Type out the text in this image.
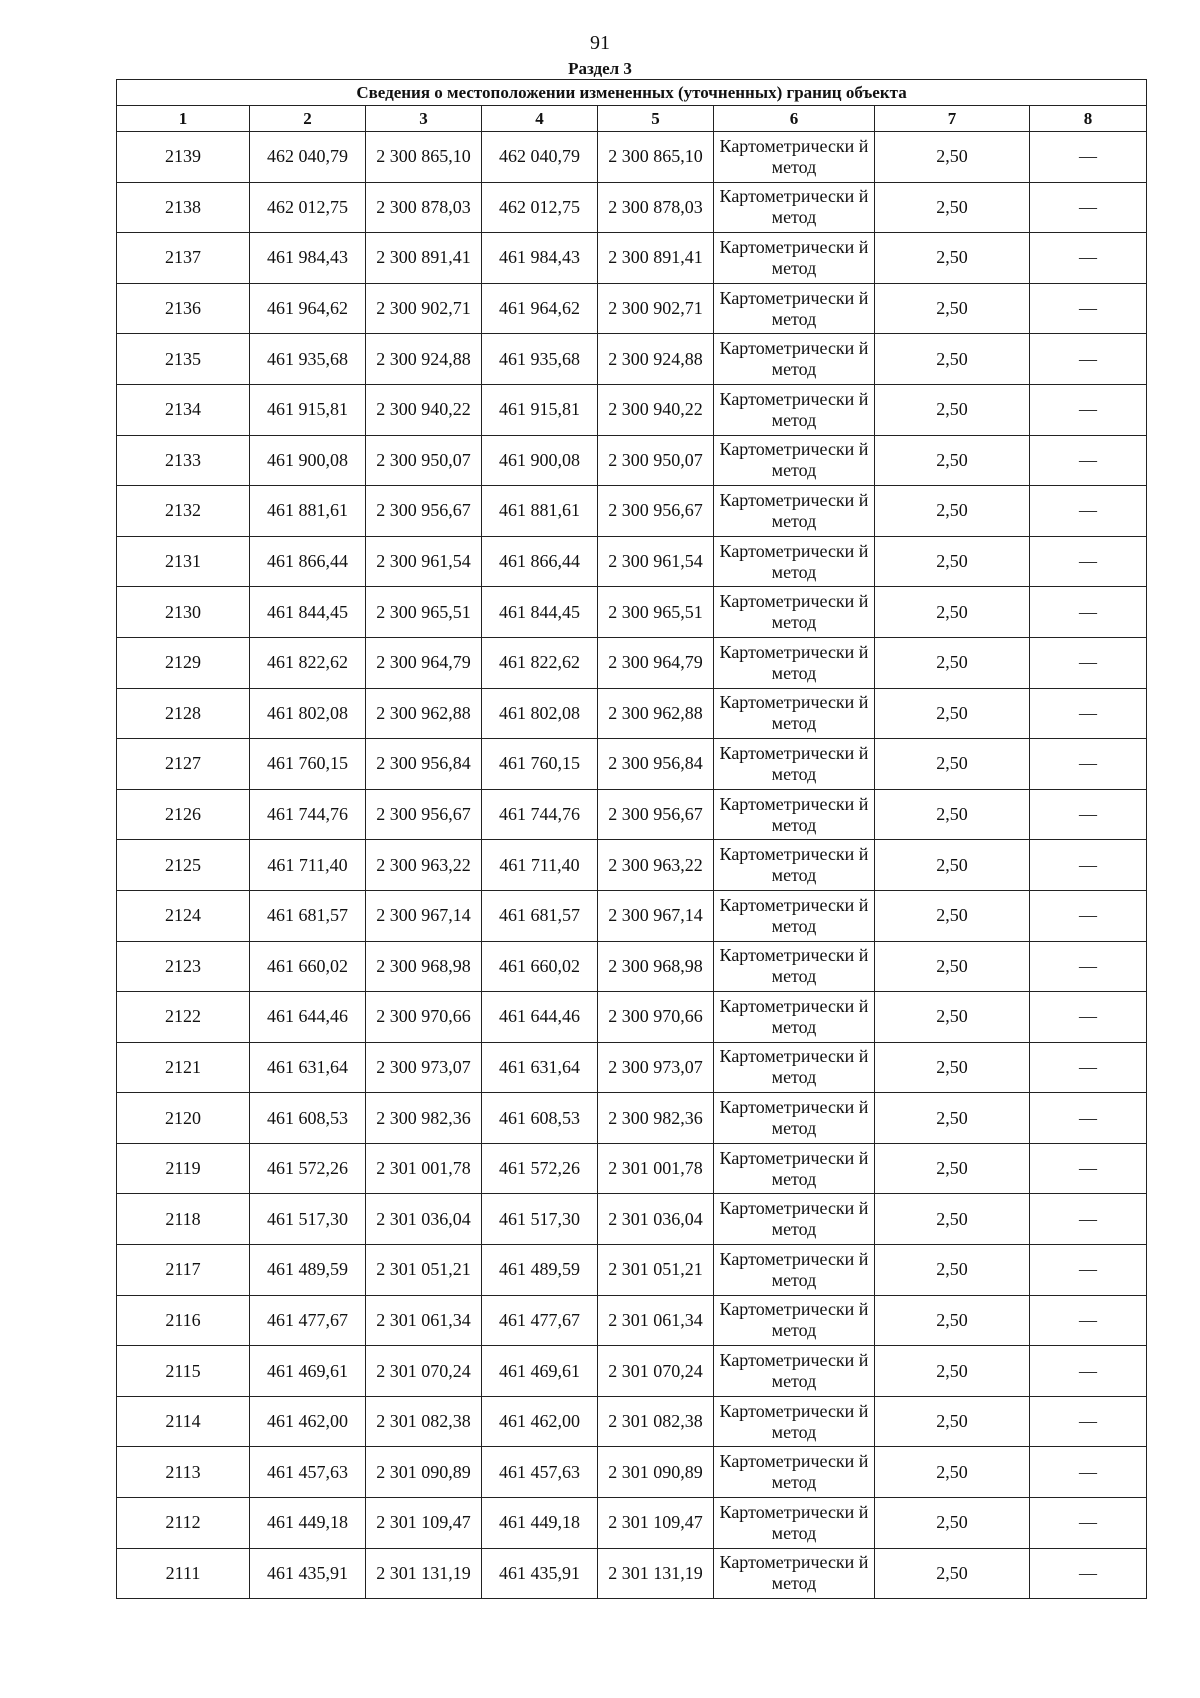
91
Раздел 3
Сведения о местоположении измененных (уточненных) границ объекта							
1	2	3	4	5	6	7	8
2139	462 040,79	2 300 865,10	462 040,79	2 300 865,10	Картометрически й метод	2,50	—
2138	462 012,75	2 300 878,03	462 012,75	2 300 878,03	Картометрически й метод	2,50	—
2137	461 984,43	2 300 891,41	461 984,43	2 300 891,41	Картометрически й метод	2,50	—
2136	461 964,62	2 300 902,71	461 964,62	2 300 902,71	Картометрически й метод	2,50	—
2135	461 935,68	2 300 924,88	461 935,68	2 300 924,88	Картометрически й метод	2,50	—
2134	461 915,81	2 300 940,22	461 915,81	2 300 940,22	Картометрически й метод	2,50	—
2133	461 900,08	2 300 950,07	461 900,08	2 300 950,07	Картометрически й метод	2,50	—
2132	461 881,61	2 300 956,67	461 881,61	2 300 956,67	Картометрически й метод	2,50	—
2131	461 866,44	2 300 961,54	461 866,44	2 300 961,54	Картометрически й метод	2,50	—
2130	461 844,45	2 300 965,51	461 844,45	2 300 965,51	Картометрически й метод	2,50	—
2129	461 822,62	2 300 964,79	461 822,62	2 300 964,79	Картометрически й метод	2,50	—
2128	461 802,08	2 300 962,88	461 802,08	2 300 962,88	Картометрически й метод	2,50	—
2127	461 760,15	2 300 956,84	461 760,15	2 300 956,84	Картометрически й метод	2,50	—
2126	461 744,76	2 300 956,67	461 744,76	2 300 956,67	Картометрически й метод	2,50	—
2125	461 711,40	2 300 963,22	461 711,40	2 300 963,22	Картометрически й метод	2,50	—
2124	461 681,57	2 300 967,14	461 681,57	2 300 967,14	Картометрически й метод	2,50	—
2123	461 660,02	2 300 968,98	461 660,02	2 300 968,98	Картометрически й метод	2,50	—
2122	461 644,46	2 300 970,66	461 644,46	2 300 970,66	Картометрически й метод	2,50	—
2121	461 631,64	2 300 973,07	461 631,64	2 300 973,07	Картометрически й метод	2,50	—
2120	461 608,53	2 300 982,36	461 608,53	2 300 982,36	Картометрически й метод	2,50	—
2119	461 572,26	2 301 001,78	461 572,26	2 301 001,78	Картометрически й метод	2,50	—
2118	461 517,30	2 301 036,04	461 517,30	2 301 036,04	Картометрически й метод	2,50	—
2117	461 489,59	2 301 051,21	461 489,59	2 301 051,21	Картометрически й метод	2,50	—
2116	461 477,67	2 301 061,34	461 477,67	2 301 061,34	Картометрически й метод	2,50	—
2115	461 469,61	2 301 070,24	461 469,61	2 301 070,24	Картометрически й метод	2,50	—
2114	461 462,00	2 301 082,38	461 462,00	2 301 082,38	Картометрически й метод	2,50	—
2113	461 457,63	2 301 090,89	461 457,63	2 301 090,89	Картометрически й метод	2,50	—
2112	461 449,18	2 301 109,47	461 449,18	2 301 109,47	Картометрически й метод	2,50	—
2111	461 435,91	2 301 131,19	461 435,91	2 301 131,19	Картометрически й метод	2,50	—
